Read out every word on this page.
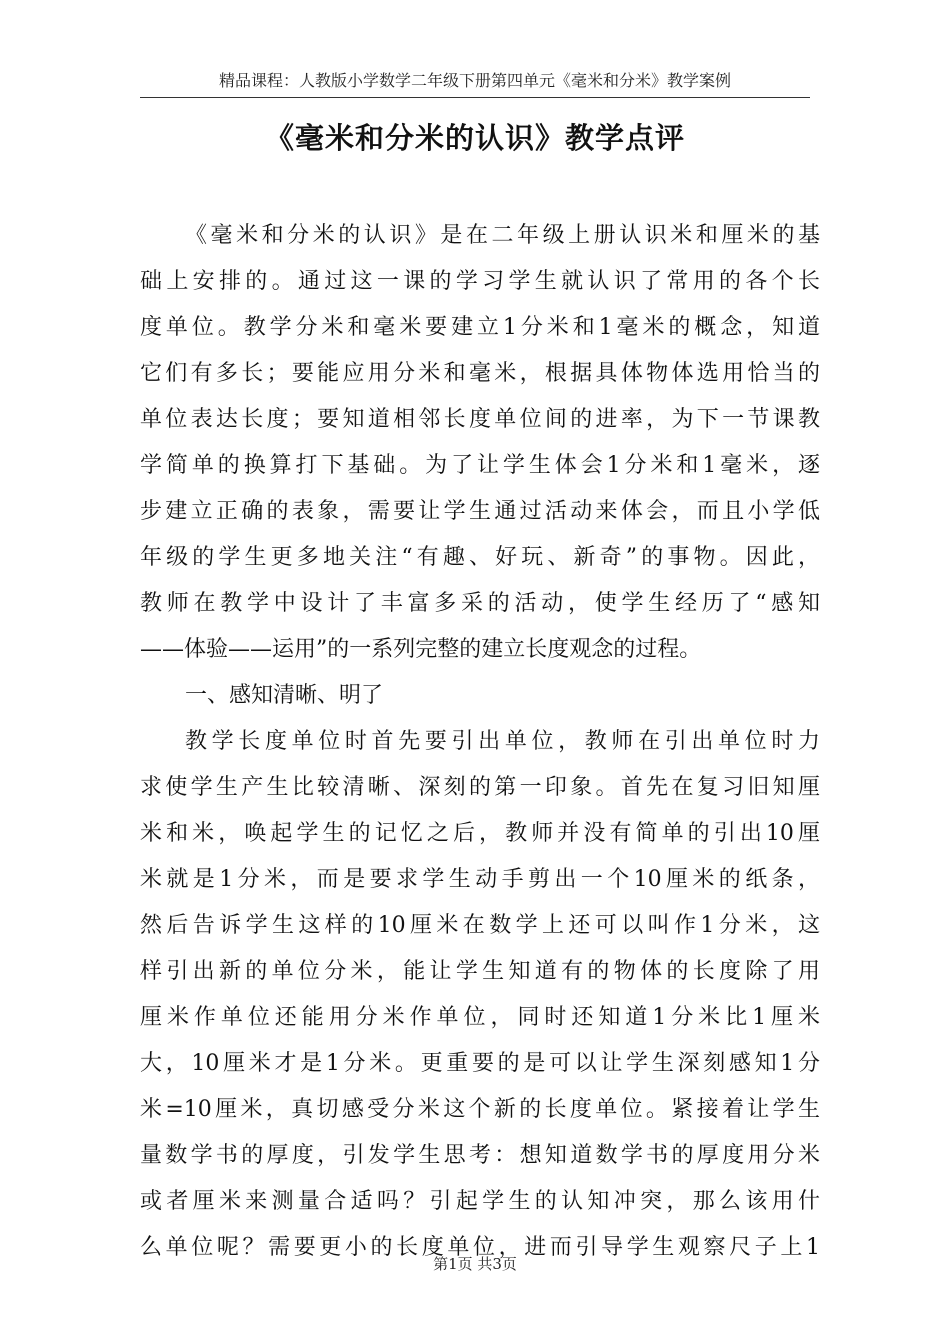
精品课程：人教版小学数学二年级下册第四单元《毫米和分米》教学案例
《毫米和分米的认识》教学点评
《毫米和分米的认识》是在二年级上册认识米和厘米的基
础上安排的。通过这一课的学习学生就认识了常用的各个长
度单位。教学分米和毫米要建立1分米和1毫米的概念，知道
它们有多长；要能应用分米和毫米，根据具体物体选用恰当的
单位表达长度；要知道相邻长度单位间的进率，为下一节课教
学简单的换算打下基础。为了让学生体会1分米和1毫米，逐
步建立正确的表象，需要让学生通过活动来体会，而且小学低
年级的学生更多地关注“有趣、好玩、新奇”的事物。因此，
教师在教学中设计了丰富多采的活动，使学生经历了“感知
——体验——运用”的一系列完整的建立长度观念的过程。
一、感知清晰、明了
教学长度单位时首先要引出单位，教师在引出单位时力
求使学生产生比较清晰、深刻的第一印象。首先在复习旧知厘
米和米，唤起学生的记忆之后，教师并没有简单的引出10厘
米就是1分米，而是要求学生动手剪出一个10厘米的纸条，
然后告诉学生这样的10厘米在数学上还可以叫作1分米，这
样引出新的单位分米，能让学生知道有的物体的长度除了用
厘米作单位还能用分米作单位，同时还知道1分米比1厘米
大，10厘米才是1分米。更重要的是可以让学生深刻感知1分
米=10厘米，真切感受分米这个新的长度单位。紧接着让学生
量数学书的厚度，引发学生思考：想知道数学书的厚度用分米
或者厘米来测量合适吗？引起学生的认知冲突，那么该用什
么单位呢？需要更小的长度单位，进而引导学生观察尺子上1
第1页 共3页
